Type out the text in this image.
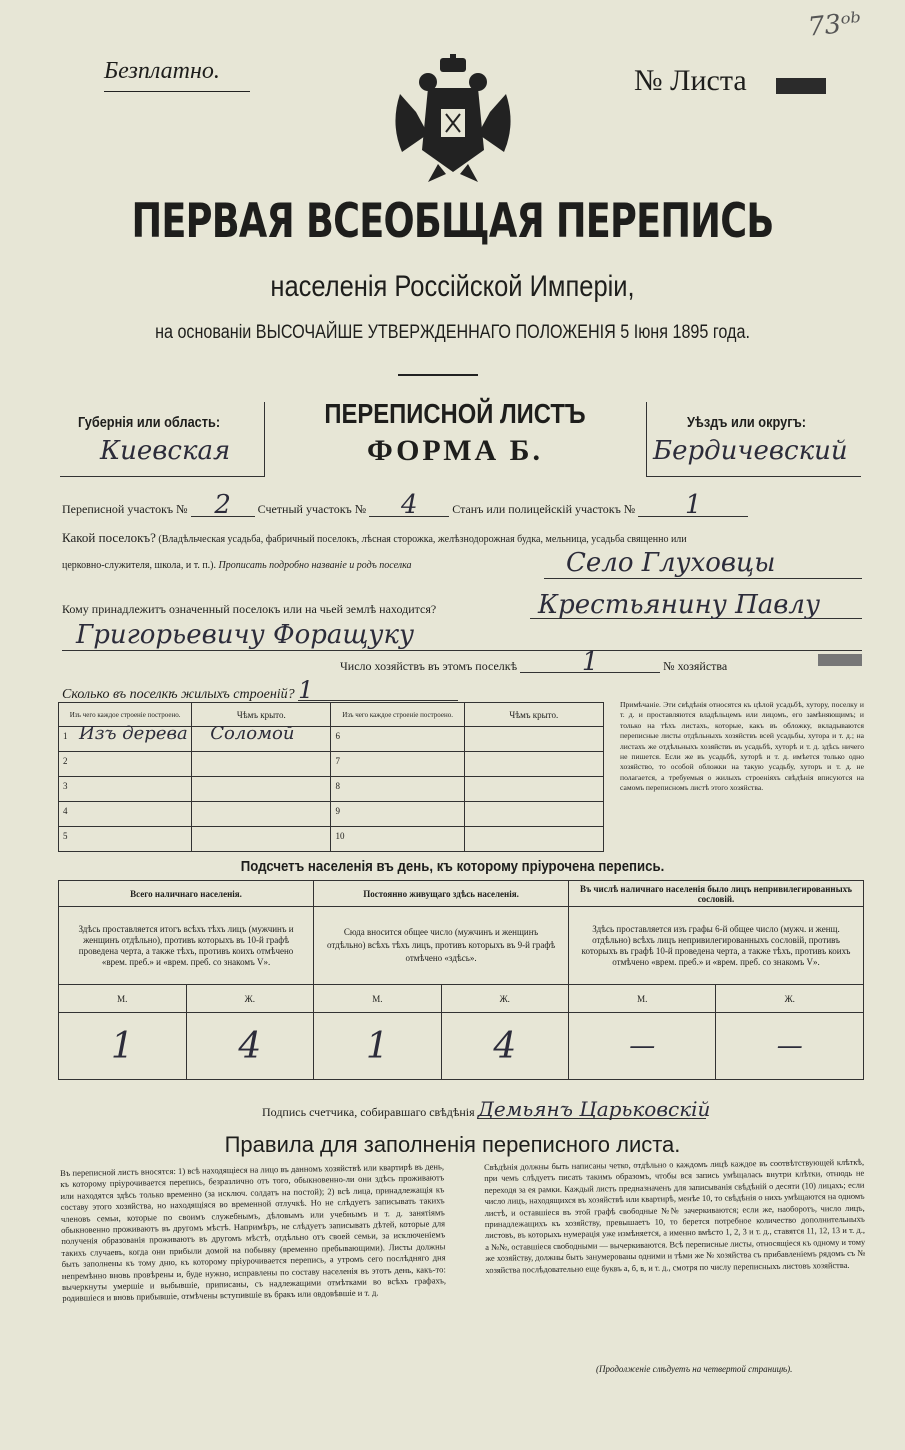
73ᵒᵇ
Безплатно.	№ Листа
ПЕРВАЯ ВСЕОБЩАЯ ПЕРЕПИСЬ
населенія Россійской Имперіи,
на основаніи ВЫСОЧАЙШЕ УТВЕРЖДЕННАГО ПОЛОЖЕНІЯ 5 Іюня 1895 года.
Губернія или область:
Киевская
ПЕРЕПИСНОЙ ЛИСТЪ
ФОРМА Б.
Уѣздъ или округъ:
Бердичевский
Переписной участокъ № 2 Счетный участокъ № 4	Станъ или полицейскій участокъ № 1
Какой поселокъ? (Владѣльческая усадьба, фабричный поселокъ, лѣсная сторожка, желѣзнодорожная будка, мельница, усадьба священно или
церковно-служителя, школа, и т. п.). Прописать подробно названіе и родъ поселка	Село Глуховцы
Кому принадлежитъ означенный поселокъ или на чьей землѣ находится?	Крестьянину Павлу
Григорьевичу Форащуку
Число хозяйствъ въ этомъ поселкѣ 1	№ хозяйства
Сколько въ поселкѣ жилыхъ строеній? 1
Изъ чего каждое строеніе построено.	Чѣмъ крыто.	Изъ чего каждое строеніе построено.	Чѣмъ крыто.

1 Изъ дерева	Соломой	6	

2		7	

3		8	

4		9	

5		10	

Примѣчаніе. Эти свѣдѣнія относятся къ цѣлой усадьбѣ, хутору, поселку и т. д. и проставляются владѣльцемъ или лицомъ, его замѣняющимъ; и только на тѣхъ листахъ, которые, какъ въ обложку, вкладываются переписные листы отдѣльныхъ хозяйствъ всей усадьбы, хутора и т. д.; на листахъ же отдѣльныхъ хозяйствъ въ усадьбѣ, хуторѣ и т. д. здѣсь ничего не пишется. Если же въ усадьбѣ, хуторѣ и т. д. имѣется только одно хозяйство, то особой обложки на такую усадьбу, хуторъ и т. д. не полагается, а требуемыя о жилыхъ строеніяхъ свѣдѣнія вписуются на самомъ переписномъ листѣ этого хозяйства.
Подсчетъ населенія въ день, къ которому пріурочена перепись.
Всего наличнаго населенія.		Постоянно живущаго здѣсь населенія.		Въ числѣ наличнаго населенія было лицъ непривилегированныхъ сословій.	
Здѣсь проставляется итогъ всѣхъ тѣхъ лицъ (мужчинъ и женщинъ отдѣльно), противъ которыхъ въ 10-й графѣ проведена черта, а также тѣхъ, противъ коихъ отмѣчено «врем. преб.» и «врем. преб. со знакомъ V».		Сюда вносится общее число (мужчинъ и женщинъ отдѣльно) всѣхъ тѣхъ лицъ, противъ которыхъ въ 9-й графѣ отмѣчено «здѣсь».		Здѣсь проставляется изъ графы 6-й общее число (мужч. и женщ. отдѣльно) всѣхъ лицъ непривилегированныхъ сословій, противъ которыхъ въ графѣ 10-й проведена черта, а также тѣхъ, противъ коихъ отмѣчено «врем. преб.» и «врем. преб. со знакомъ V».	
М.	Ж.	М.	Ж.	М.	Ж.
1	4	1	4	—	—
Подпись счетчика, собиравшаго свѣдѣнія Демьянъ Царьковскій
Правила для заполненія переписного листа.
Въ переписной листъ вносятся: 1) всѣ находящіеся на лицо въ данномъ хозяйствѣ или квартирѣ въ день, къ которому пріурочивается перепись, безразлично отъ того, обыкновенно-ли они здѣсь проживаютъ или находятся здѣсь только временно (за исключ. солдатъ на постой); 2) всѣ лица, принадлежащія къ составу этого хозяйства, но находящіяся во временной отлучкѣ. Но не слѣдуетъ записывать такихъ членовъ семьи, которые по своимъ служебнымъ, дѣловымъ или учебнымъ и т. д. занятіямъ обыкновенно проживаютъ въ другомъ мѣстѣ. Напримѣръ, не слѣдуетъ записывать дѣтей, которые для полученія образованія проживаютъ въ другомъ мѣстѣ, отдѣльно отъ своей семьи, за исключеніемъ такихъ случаевъ, когда они прибыли домой на побывку (временно пребывающими). Листы должны быть заполнены къ тому дню, къ которому пріурочивается перепись, а утромъ сего послѣдняго дня непремѣнно вновь провѣрены и, буде нужно, исправлены по составу населенія въ этотъ день, какъ-то: вычеркнуты умершіе и выбывшіе, приписаны, съ надлежащими отмѣтками во всѣхъ графахъ, родившіеся и вновь прибывшіе, отмѣчены вступившіе въ бракъ или овдовѣвшіе и т. д.
Свѣдѣнія должны быть написаны четко, отдѣльно о каждомъ лицѣ каждое въ соотвѣтствующей клѣткѣ, при чемъ слѣдуетъ писать такимъ образомъ, чтобы вся запись умѣщалась внутри клѣтки, отнюдь не переходя за ея рамки. Каждый листъ предназначенъ для записыванія свѣдѣній о десяти (10) лицахъ; если число лицъ, находящихся въ хозяйствѣ или квартирѣ, менѣе 10, то свѣдѣнія о нихъ умѣщаются на одномъ листѣ, и оставшіеся въ этой графѣ свободные №№ зачеркиваются; если же, наоборотъ, число лицъ, принадлежащихъ къ хозяйству, превышаетъ 10, то берется потребное количество дополнительныхъ листовъ, въ которыхъ нумерація уже измѣняется, а именно вмѣсто 1, 2, 3 и т. д., ставятся 11, 12, 13 и т. д., а №№, оставшіеся свободными — вычеркиваются. Всѣ переписные листы, относящіеся къ одному и тому же хозяйству, должны быть занумерованы одними и тѣми же № хозяйства съ прибавленіемъ рядомъ съ № хозяйства послѣдовательно еще буквъ а, б, в, и т. д., смотря по числу переписныхъ листовъ хозяйства.
(Продолженіе слѣдуетъ на четвертой страницѣ).
